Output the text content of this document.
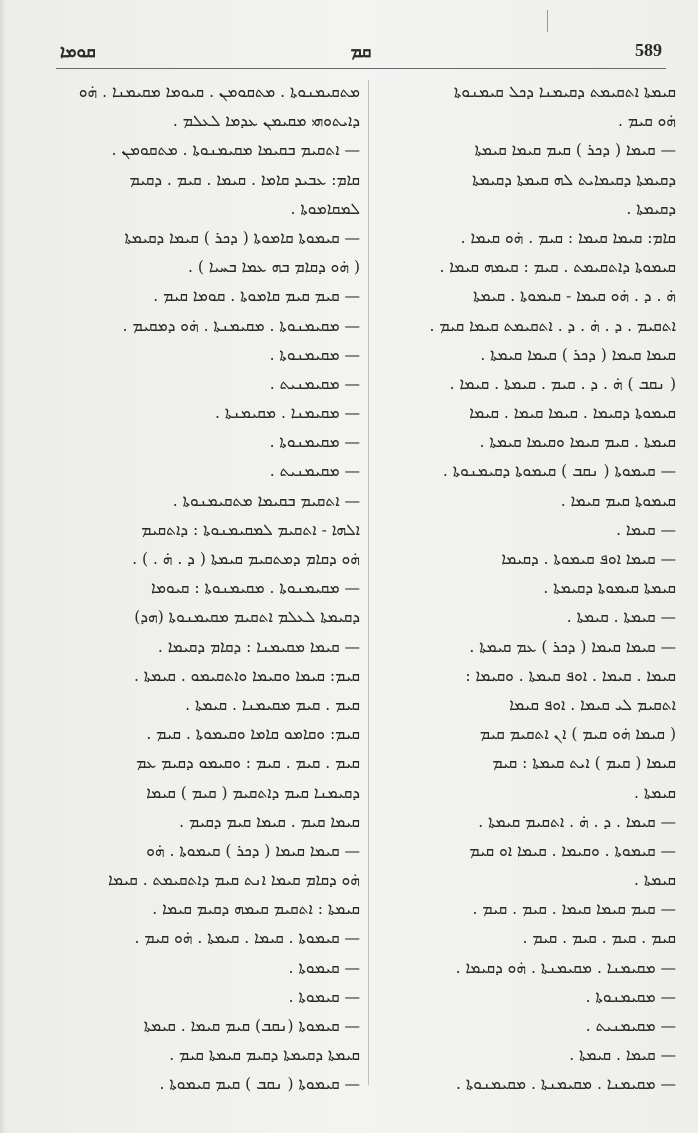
ܩܘܡܐ	ܩܡ	589
ܡܬܩܝܡܢܘܬܐ . ܡܬܩܘܡܢ . ܩܝܘܡܐ ܡܩܝܡܢܐ . ܗ̇ܘ
ܕܐܝܬܘܗܝ ܡܩܝܡܢ ܥܕܡܐ ܠܥܠܡ .
— ܐܬܩܝܡ ܒܩܝܡܐ ܡܩܝܡܢܘܬܐ . ܡܬܩܘܡܢ .
ܩܐܡ: ܥܒܝܕ ܩܐܡܐ . ܩܝܡܐ . ܩܝܡ . ܕܩܝܡ
ܠܡܩܐܡܘܬܐ .
— ܩܝܡܘܬܐ ܩܐܡܘܬܐ ( ܕܟܪ ) ܩܝܡܐ ܕܩܝܡܬܐ
( ܗ̇ܘ ܕܩܐܡ ܒܗ ܥܡܐ ܒܚܝܐ ) .
— ܩܝܡ ܩܝܡ ܩܐܡܘܬܐ . ܩܘܡܐ ܩܝܡ .
— ܡܩܝܡܢܘܬܐ . ܡܩܝܡܢܬܐ . ܗ̇ܘ ܕܡܩܝܡ .
— ܡܩܝܡܢܘܬܐ .
— ܡܩܝܡܢܝܬ .
— ܡܩܝܡܢܐ . ܡܩܝܡܢܬܐ .
— ܡܩܝܡܢܘܬܐ .
— ܡܩܝܡܢܝܬ .
— ܐܬܩܝܡ ܒܩܝܡܐ ܡܬܩܝܡܢܘܬܐ .
ܐܠܗܐ - ܐܬܩܝܡ ܠܡܩܝܡܢܘܬܐ : ܕܐܬܩܝܡ
ܗ̇ܘ ܕܩܐܡ ܕܡܬܩܝܡ ܩܝܡܬܐ ( ܕ . ܗ̇ . ) .
— ܡܩܝܡܢܘܬܐ . ܡܩܝܡܢܘܬܐ : ܩܝܘܡܐ
ܕܩܝܡܬܐ ܠܥܠܡ ܐܬܩܝܡ ܡܩܝܡܢܘܬܐ (ܗܕ)
— ܩܝܡܐ ܡܩܝܡܢܐ : ܕܩܐܡ ܕܩܝܡܐ .
ܩܝܡ: ܩܝܡܐ ܘܩܝܡܐ ܘܐܬܩܝܡܘ . ܩܝܡܬܐ .
ܩܝܡ . ܩܝܡ ܡܩܝܡܢܐ . ܩܝܡܬܐ .
ܩܝܡ: ܘܩܐܡܘ ܩܐܡܐ ܘܩܝܡܘܬܐ . ܩܝܡ .
ܩܝܡ . ܩܝܡ . ܩܝܡ : ܘܩܝܡܘ ܕܩܝܡ ܥܡ
ܕܩܝܡܢܐ ܩܝܡ ܕܐܬܩܝܡ ( ܩܝܡ ) ܩܝܡܐ
ܩܝܡܐ ܩܝܡ . ܩܝܡܐ ܩܝܡ ܕܩܝܡ .
— ܩܝܡܐ ܩܝܡܐ ( ܕܟܪ ) ܩܝܡܘܬܐ . ܗ̇ܘ
ܗ̇ܘ ܕܩܐܡ ܩܝܡܐ ܐܢܬ ܩܝܡ ܕܐܬܩܝܡܬ . ܩܝܡܐ
ܩܝܡܬܐ : ܐܬܩܝܡ ܩܝܡܗ ܕܩܝܡ ܩܝܡܐ .
— ܩܝܡܘܬܐ . ܩܝܡܐ . ܩܝܡܬܐ . ܗ̇ܘ ܩܝܡ .
— ܩܝܡܘܬܐ .
— ܩܝܡܘܬܐ .
— ܩܝܡܘܬܐ (ܢܩܒ) ܩܝܡ ܩܝܡܐ . ܩܝܡܬܐ
ܩܝܡܬܐ ܕܩܝܡܬܐ ܕܩܝܡ ܩܝܡܬܐ ܩܝܡ .
— ܩܝܡܘܬܐ ( ܢܩܒ ) ܩܝܡ ܩܝܡܘܬܐ .
ܩܝܡܬܐ ܐܬܩܝܡܬ ܕܩܝܡܢܐ ܕܟܠ ܩܝܡܢܘܬܐ
ܗ̇ܘ ܩܝܡ .
— ܩܝܡܐ ( ܕܟܪ ) ܩܝܡ ܩܝܡܐ ܩܝܡܬܐ
ܕܩܝܡܬܐ ܕܩܝܡܐܝܬ ܠܗ ܩܝܡܬܐ ܕܩܝܡܬܐ
ܕܩܝܡܬܐ .
ܩܐܡ: ܩܝܡܐ ܩܝܡܐ : ܩܝܡ . ܗ̇ܘ ܩܝܡܐ .
ܩܝܡܘܬܐ ܕܐܬܩܝܡܬ . ܩܝܡ : ܩܝܡܗ ܩܝܡܐ .
ܗ̇ . ܕ . ܗ̇ܘ ܩܝܡܐ - ܩܝܡܘܬܐ . ܩܝܡܬܐ
ܐܬܩܝܡ . ܕ . ܗ̇ . ܕ . ܐܬܩܝܡܬ ܩܝܡܐ ܩܝܡ .
ܩܝܡܐ ܩܝܡܐ ( ܕܟܪ ) ܩܝܡܐ ܩܝܡܬܐ .
( ܢܩܒ ) ܗ̇ . ܕ . ܩܝܡ . ܩܝܡܬܐ . ܩܝܡܐ .
ܩܝܡܘܬܐ ܕܩܝܡܐ . ܩܝܡܐ ܩܝܡܐ . ܩܝܡܐ
ܩܝܡܬܐ . ܩܝܡ ܩܝܡܐ ܘܩܝܡܐ ܩܝܡܬܐ .
— ܩܝܡܘܬܐ ( ܢܩܒ ) ܩܝܡܘܬܐ ܕܩܝܡܢܘܬܐ .
ܩܝܡܘܬܐ ܩܝܡ ܩܝܡܐ .
— ܩܝܡܐ .
— ܩܝܡܐ ܐܘܦ ܩܝܡܘܬܐ . ܕܩܝܡܐ
ܩܝܡܬܐ ܩܝܡܘܬܐ ܕܩܝܡܬܐ .
— ܩܝܡܬܐ . ܩܝܡܬܐ .
— ܩܝܡܐ ܩܝܡܐ ( ܕܟܪ ) ܥܡ ܩܝܡܬܐ .
ܩܝܡܐ . ܩܝܡܐ . ܐܘܦ ܩܝܡܬܐ . ܘܩܝܡܐ :
ܐܬܩܝܡ ܠܝ ܩܝܡܐ . ܐܘܦ ܩܝܡܐ
( ܩܝܡܐ ܗ̇ܘ ܩܝܡ ) ܐܢ ܐܬܩܝܡ ܩܝܡ
ܩܝܡܐ ( ܩܝܡ ) ܐܝܬ ܩܝܡܬܐ : ܩܝܡ
ܩܝܡܬܐ .
— ܩܝܡܐ . ܕ . ܗ̇ . ܐܬܩܝܡ ܩܝܡܬܐ .
— ܩܝܡܘܬܐ . ܘܩܝܡܐ . ܩܝܡܐ ܐܘ ܩܝܡ
ܩܝܡܬܐ .
— ܩܝܡ ܩܝܡܐ ܩܝܡܐ . ܩܝܡ . ܩܝܡ .
ܩܝܡ . ܩܝܡ . ܩܝܡ . ܩܝܡ .
— ܡܩܝܡܢܐ . ܡܩܝܡܢܬܐ . ܗ̇ܘ ܕܩܝܡܐ .
— ܡܩܝܡܢܘܬܐ .
— ܡܩܝܡܢܝܬ .
— ܩܝܡܐ . ܩܝܡܬܐ .
— ܡܩܝܡܢܐ . ܡܩܝܡܢܬܐ . ܡܩܝܡܢܘܬܐ .
